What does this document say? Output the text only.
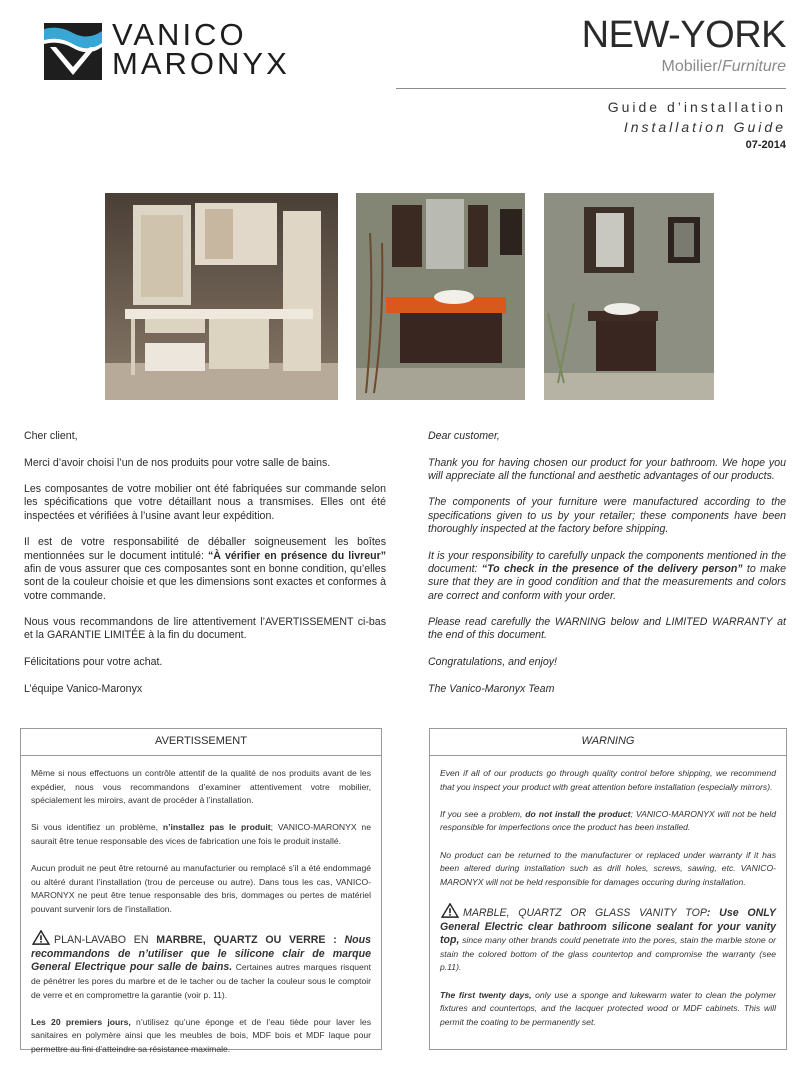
VANICO
MARONYX
NEW-YORK
Mobilier/Furniture
Guide d’installation
Installation Guide
07-2014

Cher client,

Merci d’avoir choisi l’un de nos produits pour votre salle de bains.

Les composantes de votre mobilier ont été fabriquées sur commande selon les spécifications que votre détaillant nous a transmises. Elles ont été inspectées et vérifiées à l’usine avant leur expédition.

Il est de votre responsabilité de déballer soigneusement les boîtes mentionnées sur le document intitulé: “À vérifier en présence du livreur” afin de vous assurer que ces composantes sont en bonne condition, qu’elles sont de la couleur choisie et que les dimensions sont exactes et conformes à votre commande.

Nous vous recommandons de lire attentivement l’AVERTISSEMENT ci-bas et la GARANTIE LIMITÉE à la fin du document.

Félicitations pour votre achat.

L’équipe Vanico-Maronyx

Dear customer,

Thank you for having chosen our product for your bathroom. We hope you will appreciate all the functional and aesthetic advantages of our products.

The components of your furniture were manufactured according to the specifications given to us by your retailer; these components have been thoroughly inspected at the factory before shipping.

It is your responsibility to carefully unpack the components mentioned in the document: “To check in the presence of the delivery person” to make sure that they are in good condition and that the measurements and colors are correct and conform with your order.

Please read carefully the WARNING below and LIMITED WARRANTY at the end of this document.

Congratulations, and enjoy!

The Vanico-Maronyx Team

AVERTISSEMENT

Même si nous effectuons un contrôle attentif de la qualité de nos produits avant de les expédier, nous vous recommandons d’examiner attentivement votre mobilier, spécialement les miroirs, avant de procéder à l’installation.

Si vous identifiez un problème, n’installez pas le produit; VANICO-MARONYX ne saurait être tenue responsable des vices de fabrication une fois le produit installé.

Aucun produit ne peut être retourné au manufacturier ou remplacé s’il a été endommagé ou altéré durant l’installation (trou de perceuse ou autre). Dans tous les cas, VANICO-MARONYX ne peut être tenue responsable des bris, dommages ou pertes de matériel pouvant survenir lors de l’installation.

PLAN-LAVABO EN MARBRE, QUARTZ OU VERRE : Nous recommandons de n’utiliser que le silicone clair de marque General Electrique pour salle de bains. Certaines autres marques risquent de pénétrer les pores du marbre et de le tacher ou de tacher la couleur sous le comptoir de verre et en compromettre la garantie (voir p. 11).

Les 20 premiers jours, n’utilisez qu’une éponge et de l’eau tiède pour laver les sanitaires en polymère ainsi que les meubles de bois, MDF bois et MDF laque pour permettre au fini d’atteindre sa résistance maximale.

WARNING

Even if all of our products go through quality control before shipping, we recommend that you inspect your product with great attention before installation (especially mirrors).

If you see a problem, do not install the product; VANICO-MARONYX will not be held responsible for imperfections once the product has been installed.

No product can be returned to the manufacturer or replaced under warranty if it has been altered during installation such as drill holes, screws, sawing, etc. VANICO-MARONYX will not be held responsible for damages occuring during installation.

MARBLE, QUARTZ OR GLASS VANITY TOP: Use ONLY General Electric clear bathroom silicone sealant for your vanity top, since many other brands could penetrate into the pores, stain the marble stone or stain the colored bottom of the glass countertop and compromise the warranty (see p.11).

The first twenty days, only use a sponge and lukewarm water to clean the polymer fixtures and countertops, and the lacquer protected wood or MDF cabinets. This will permit the coating to be permanently set.
